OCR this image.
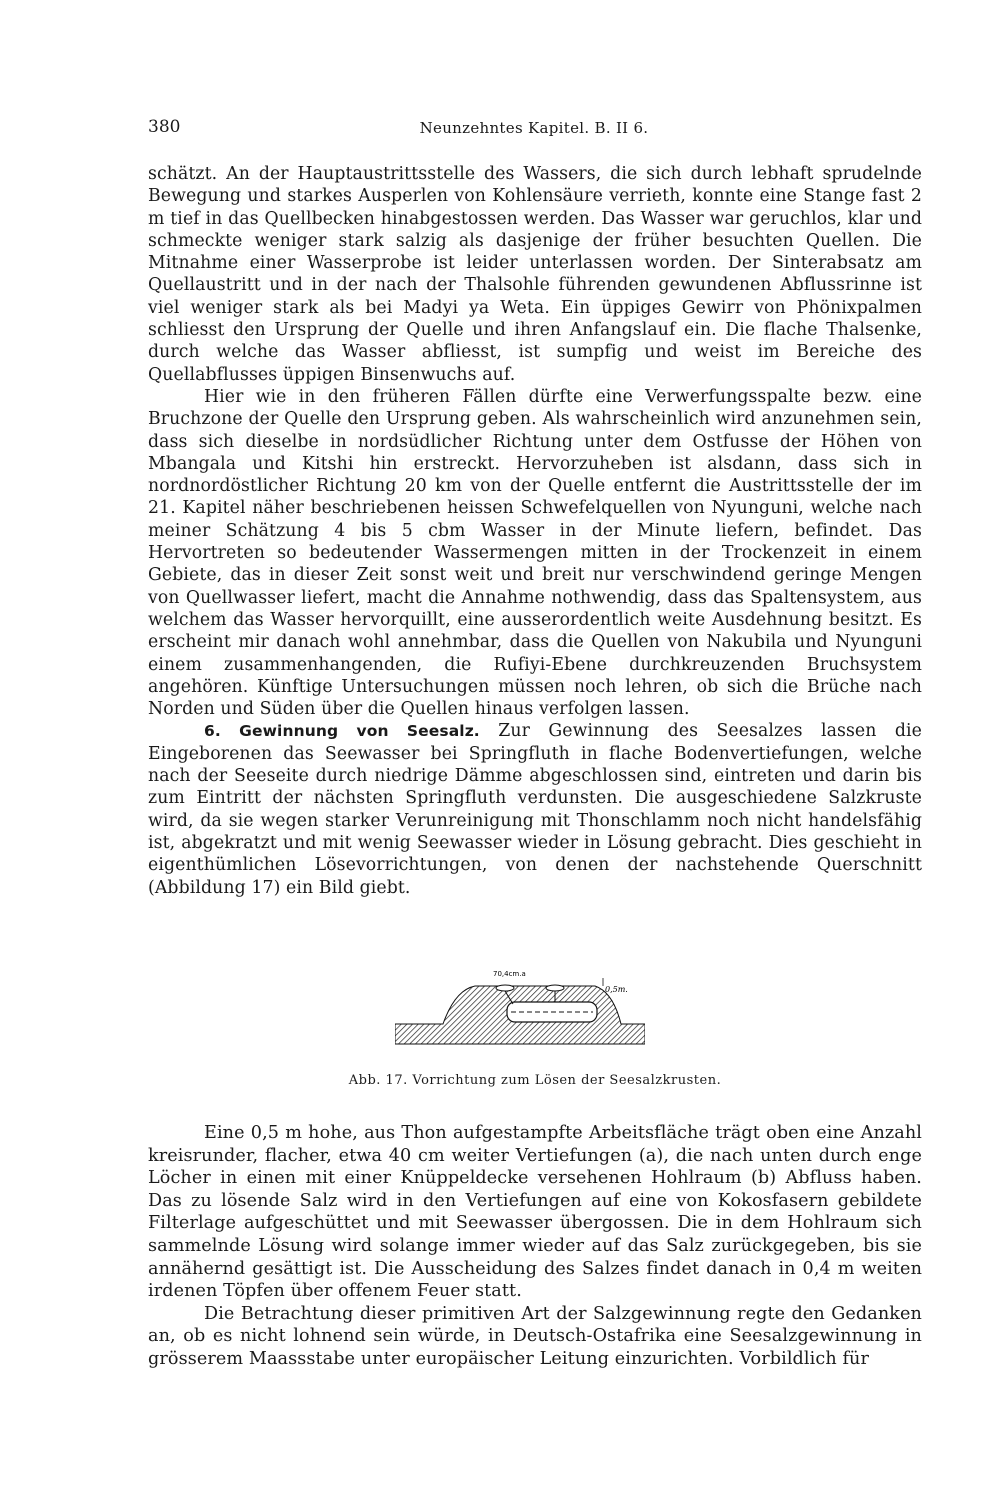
380	Neunzehntes Kapitel. B. II 6.

schätzt. An der Hauptaustrittsstelle des Wassers, die sich durch lebhaft sprudelnde Bewegung und starkes Ausperlen von Kohlensäure verrieth, konnte eine Stange fast 2 m tief in das Quellbecken hinabgestossen werden. Das Wasser war geruchlos, klar und schmeckte weniger stark salzig als dasjenige der früher besuchten Quellen. Die Mitnahme einer Wasserprobe ist leider unterlassen worden. Der Sinterabsatz am Quellaustritt und in der nach der Thalsohle führenden gewundenen Abflussrinne ist viel weniger stark als bei Madyi ya Weta. Ein üppiges Gewirr von Phönixpalmen schliesst den Ursprung der Quelle und ihren Anfangslauf ein. Die flache Thalsenke, durch welche das Wasser abfliesst, ist sumpfig und weist im Bereiche des Quellabflusses üppigen Binsenwuchs auf.

Hier wie in den früheren Fällen dürfte eine Verwerfungsspalte bezw. eine Bruchzone der Quelle den Ursprung geben. Als wahrscheinlich wird anzunehmen sein, dass sich dieselbe in nordsüdlicher Richtung unter dem Ostfusse der Höhen von Mbangala und Kitshi hin erstreckt. Hervorzuheben ist alsdann, dass sich in nordnordöstlicher Richtung 20 km von der Quelle entfernt die Austrittsstelle der im 21. Kapitel näher beschriebenen heissen Schwefelquellen von Nyunguni, welche nach meiner Schätzung 4 bis 5 cbm Wasser in der Minute liefern, befindet. Das Hervortreten so bedeutender Wassermengen mitten in der Trockenzeit in einem Gebiete, das in dieser Zeit sonst weit und breit nur verschwindend geringe Mengen von Quellwasser liefert, macht die Annahme nothwendig, dass das Spaltensystem, aus welchem das Wasser hervorquillt, eine ausserordentlich weite Ausdehnung besitzt. Es erscheint mir danach wohl annehmbar, dass die Quellen von Nakubila und Nyunguni einem zusammenhangenden, die Rufiyi-Ebene durchkreuzenden Bruchsystem angehören. Künftige Untersuchungen müssen noch lehren, ob sich die Brüche nach Norden und Süden über die Quellen hinaus verfolgen lassen.

6. Gewinnung von Seesalz. Zur Gewinnung des Seesalzes lassen die Eingeborenen das Seewasser bei Springfluth in flache Bodenvertiefungen, welche nach der Seeseite durch niedrige Dämme abgeschlossen sind, eintreten und darin bis zum Eintritt der nächsten Springfluth verdunsten. Die ausgeschiedene Salzkruste wird, da sie wegen starker Verunreinigung mit Thonschlamm noch nicht handelsfähig ist, abgekratzt und mit wenig Seewasser wieder in Lösung gebracht. Dies geschieht in eigenthümlichen Lösevorrichtungen, von denen der nachstehende Querschnitt (Abbildung 17) ein Bild giebt.

70,4cm.a
0,5m.
Abb. 17. Vorrichtung zum Lösen der Seesalzkrusten.

Eine 0,5 m hohe, aus Thon aufgestampfte Arbeitsfläche trägt oben eine Anzahl kreisrunder, flacher, etwa 40 cm weiter Vertiefungen (a), die nach unten durch enge Löcher in einen mit einer Knüppeldecke versehenen Hohlraum (b) Abfluss haben. Das zu lösende Salz wird in den Vertiefungen auf eine von Kokosfasern gebildete Filterlage aufgeschüttet und mit Seewasser übergossen. Die in dem Hohlraum sich sammelnde Lösung wird solange immer wieder auf das Salz zurückgegeben, bis sie annähernd gesättigt ist. Die Ausscheidung des Salzes findet danach in 0,4 m weiten irdenen Töpfen über offenem Feuer statt.

Die Betrachtung dieser primitiven Art der Salzgewinnung regte den Gedanken an, ob es nicht lohnend sein würde, in Deutsch-Ostafrika eine Seesalzgewinnung in grösserem Maassstabe unter europäischer Leitung einzurichten. Vorbildlich für
